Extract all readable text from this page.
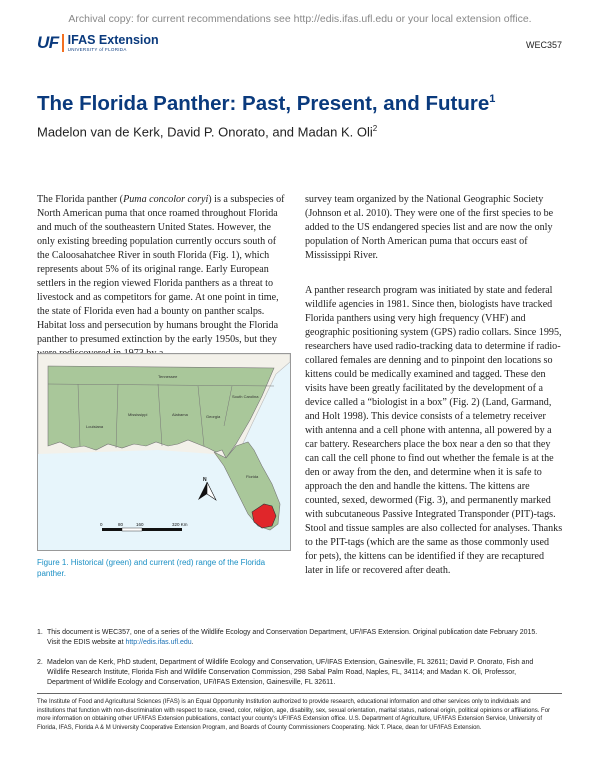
Archival copy: for current recommendations see http://edis.ifas.ufl.edu or your local extension office.
UF IFAS Extension
UNIVERSITY of FLORIDA	WEC357
The Florida Panther: Past, Present, and Future$^1$
Madelon van de Kerk, David P. Onorato, and Madan K. Oli$^2$

The Florida panther (Puma concolor coryi) is a subspecies of North American puma that once roamed throughout Florida and much of the southeastern United States. However, the only existing breeding population currently occurs south of the Caloosahatchee River in south Florida (Fig. 1), which represents about 5% of its original range. Early European settlers in the region viewed Florida panthers as a threat to livestock and as competitors for game. At one point in time, the state of Florida even had a bounty on panther scalps. Habitat loss and persecution by humans brought the Florida panther to presumed extinction by the early 1950s, but they

Tennessee
Mississippi	Alabama	Georgia
Louisiana
South Carolina
Florida
N
0	80	160	320 Km
Figure 1. Historical (green) and current (red) range of the Florida panther.

survey team organized by the National Geographic Society (Johnson et al. 2010). They were one of the first species to be added to the US endangered species list and are now the only population of North American puma that occurs east of Mississippi River.

A panther research program was initiated by state and federal wildlife agencies in 1981. Since then, biologists have tracked Florida panthers using very high frequency (VHF) and geographic positioning system (GPS) radio collars. Since 1995, researchers have used radio-tracking data to determine if radio-collared females are denning and to pinpoint den locations so kittens could be medically examined and tagged. These den visits have been greatly facilitated by the development of a device called a “biologist in a box” (Fig. 2) (Land, Garmand, and Holt 1998). This device consists of a telemetry receiver with antenna and a cell phone with antenna, all powered by a car battery. Researchers place the box near a den so that they can call the cell phone to find out whether the female is at the den or away from the den, and determine when it is safe to approach the den and handle the kittens. The kittens are counted, sexed, dewormed (Fig. 3), and permanently marked with subcutaneous Passive Integrated Transponder (PIT)-tags. Stool and tissue samples are also collected for analyses. Thanks to the PIT-tags (which are the same as those commonly used for pets), the kittens can be identified if they are recaptured later in life or recovered after death.

1. This document is WEC357, one of a series of the Wildlife Ecology and Conservation Department, UF/IFAS Extension. Original publication date February 2015. Visit the EDIS website at http://edis.ifas.ufl.edu.
2. Madelon van de Kerk, PhD student, Department of Wildlife Ecology and Conservation, UF/IFAS Extension, Gainesville, FL 32611; David P. Onorato, Fish and Wildlife Research Institute, Florida Fish and Wildlife Conservation Commission, 298 Sabal Palm Road, Naples, FL, 34114; and Madan K. Oli, Professor, Department of Wildlife Ecology and Conservation, UF/IFAS Extension, Gainesville, FL 32611.
The Institute of Food and Agricultural Sciences (IFAS) is an Equal Opportunity Institution authorized to provide research, educational information and other services only to individuals and institutions that function with non-discrimination with respect to race, creed, color, religion, age, disability, sex, sexual orientation, marital status, national origin, political opinions or affiliations. For more information on obtaining other UF/IFAS Extension publications, contact your county’s UF/IFAS Extension office. U.S. Department of Agriculture, UF/IFAS Extension Service, University of Florida, IFAS, Florida A & M University Cooperative Extension Program, and Boards of County Commissioners Cooperating. Nick T. Place, dean for UF/IFAS Extension.
